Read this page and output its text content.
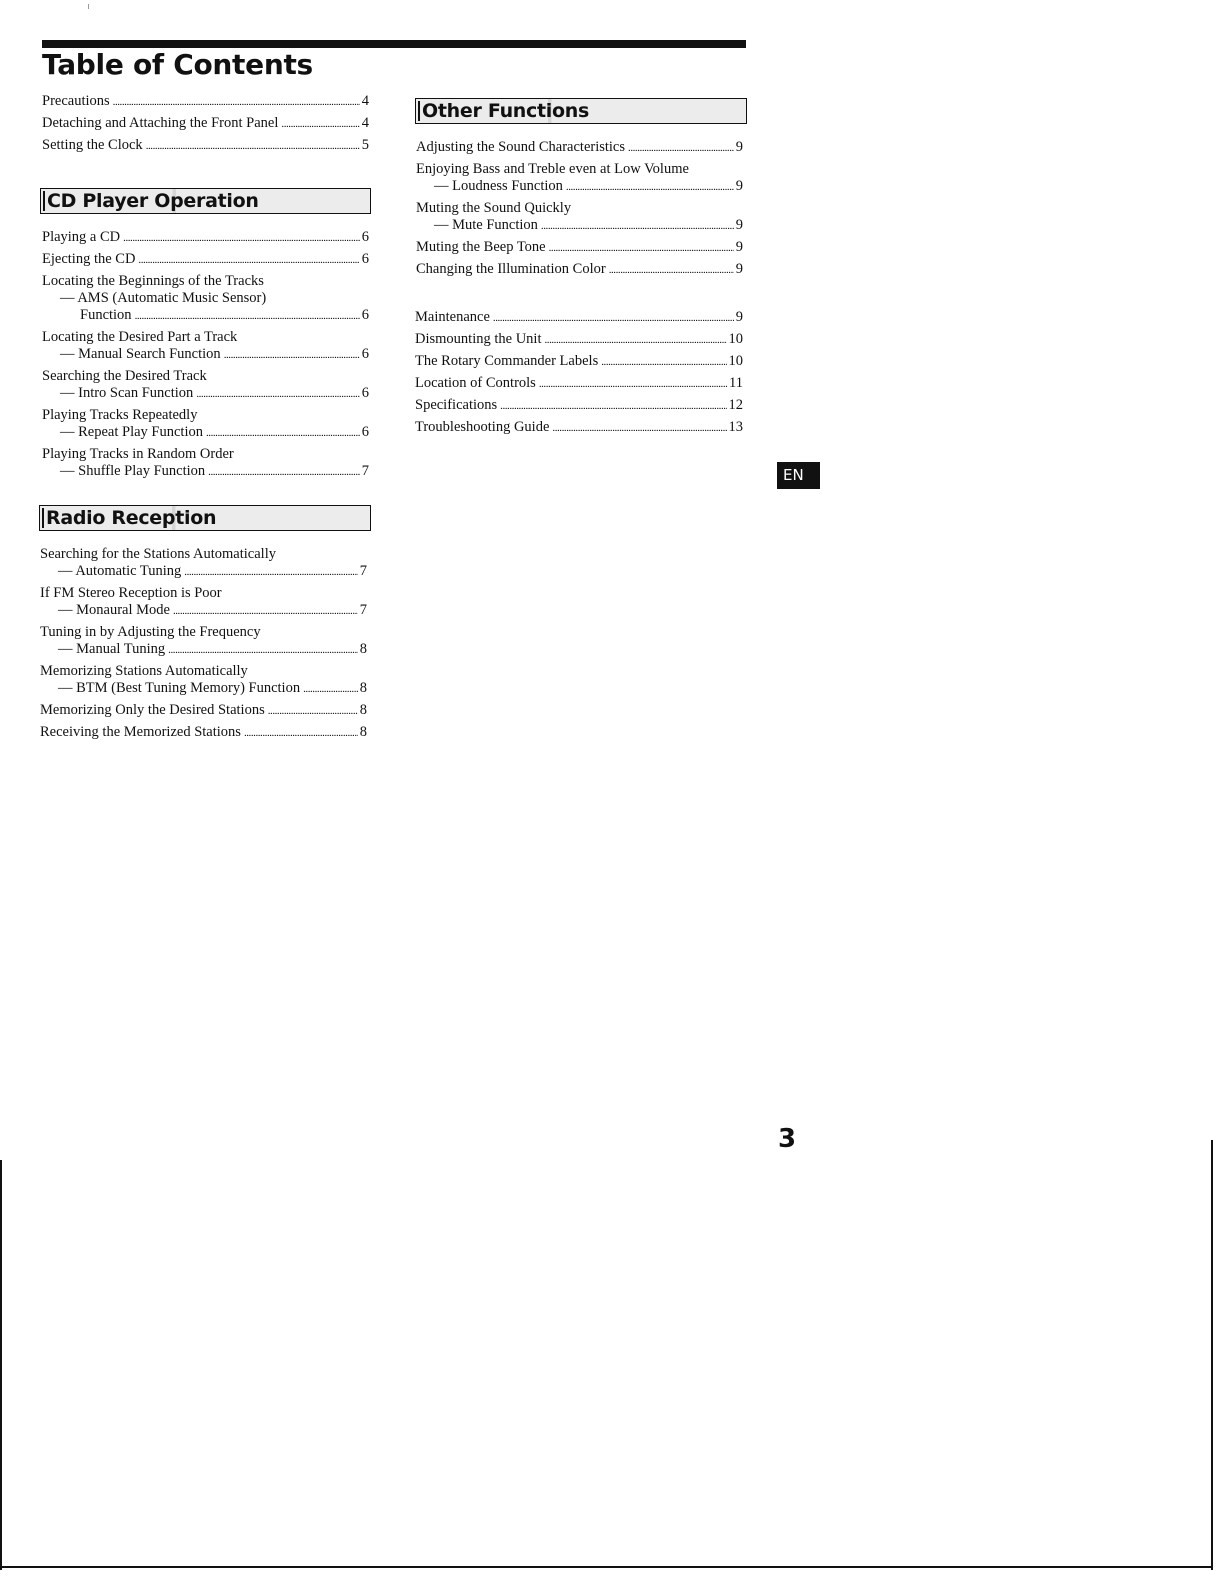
Table of Contents
Precautions . . .	4
Detaching and Attaching the Front Panel . . .	4
Setting the Clock . . .	5
CD Player Operation
Playing a CD . . .	6
Ejecting the CD . . .	6
Locating the Beginnings of the Tracks
— AMS (Automatic Music Sensor)
Function . . .	6
Locating the Desired Part a Track
— Manual Search Function . . .	6
Searching the Desired Track
— Intro Scan Function . . .	6
Playing Tracks Repeatedly
— Repeat Play Function . . .	6
Playing Tracks in Random Order
— Shuffle Play Function . . .	7
Radio Reception
Searching for the Stations Automatically
— Automatic Tuning . . .	7
If FM Stereo Reception is Poor
— Monaural Mode . . .	7
Tuning in by Adjusting the Frequency
— Manual Tuning . . .	8
Memorizing Stations Automatically
— BTM (Best Tuning Memory) Function . . .	8
Memorizing Only the Desired Stations . . .	8
Receiving the Memorized Stations . . .	8
Other Functions
Adjusting the Sound Characteristics . . .	9
Enjoying Bass and Treble even at Low Volume
— Loudness Function . . .	9
Muting the Sound Quickly
— Mute Function . . .	9
Muting the Beep Tone . . .	9
Changing the Illumination Color . . .	9
Maintenance . . .	9
Dismounting the Unit . . .	10
The Rotary Commander Labels . . .	10
Location of Controls . . .	11
Specifications . . .	12
Troubleshooting Guide . . .	13
EN
3
